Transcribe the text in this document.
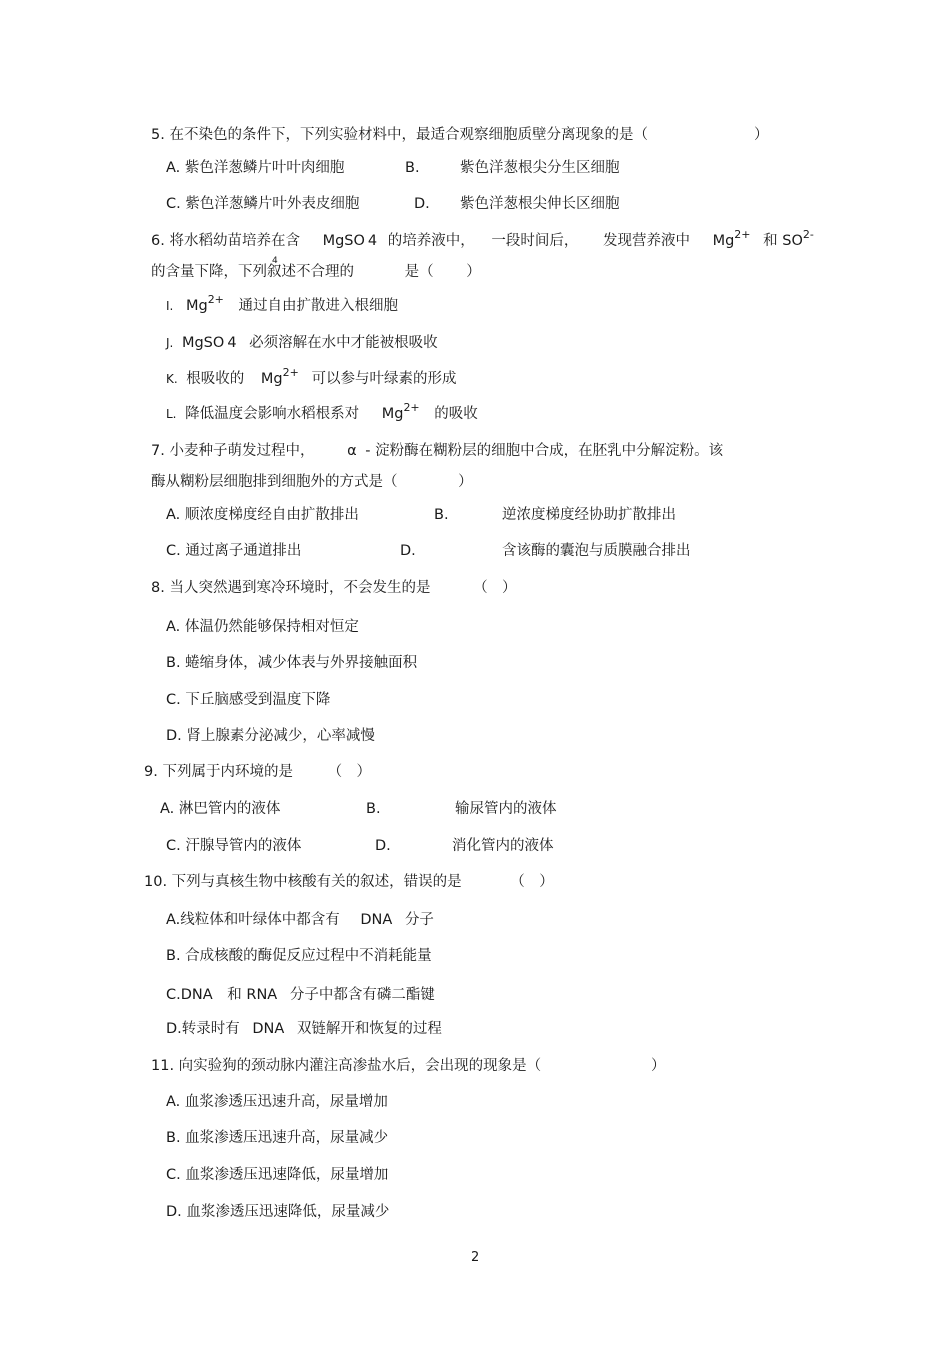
5. 在不染色的条件下，下列实验材料中，最适合观察细胞质壁分离现象的是（	）
A. 紫色洋葱鳞片叶叶肉细胞	B.	紫色洋葱根尖分生区细胞
C. 紫色洋葱鳞片叶外表皮细胞	D. 紫色洋葱根尖伸长区细胞
6. 将水稻幼苗培养在含 MgSO 4 的培养液中， 一段时间后， 发现营养液中 $Mg^{2+}$ 和 $SO^{2-}$
的含量下降，下列叙述不合理的	是（ ）
4
I. $Mg^{2+}$ 通过自由扩散进入根细胞
J. MgSO 4 必须溶解在水中才能被根吸收
K. 根吸收的 $Mg^{2+}$ 可以参与叶绿素的形成
L. 降低温度会影响水稻根系对 $Mg^{2+}$ 的吸收
7. 小麦种子萌发过程中， α - 淀粉酶在糊粉层的细胞中合成，在胚乳中分解淀粉。该
酶从糊粉层细胞排到细胞外的方式是（	）
A. 顺浓度梯度经自由扩散排出	B.	逆浓度梯度经协助扩散排出
C. 通过离子通道排出	D.	含该酶的囊泡与质膜融合排出
8. 当人突然遇到寒冷环境时，不会发生的是	（　）
A. 体温仍然能够保持相对恒定
B. 蜷缩身体，减少体表与外界接触面积
C. 下丘脑感受到温度下降
D. 肾上腺素分泌减少，心率减慢
9. 下列属于内环境的是 （　）
A. 淋巴管内的液体	B.	输尿管内的液体
C. 汗腺导管内的液体	D.	消化管内的液体
10. 下列与真核生物中核酸有关的叙述，错误的是	（　）
A.线粒体和叶绿体中都含有 DNA 分子
B. 合成核酸的酶促反应过程中不消耗能量
C.DNA 和 RNA 分子中都含有磷二酯键
D.转录时有 DNA 双链解开和恢复的过程
11. 向实验狗的颈动脉内灌注高渗盐水后，会出现的现象是（	）
A. 血浆渗透压迅速升高，尿量增加
B. 血浆渗透压迅速升高，尿量减少
C. 血浆渗透压迅速降低，尿量增加
D. 血浆渗透压迅速降低，尿量减少
2
